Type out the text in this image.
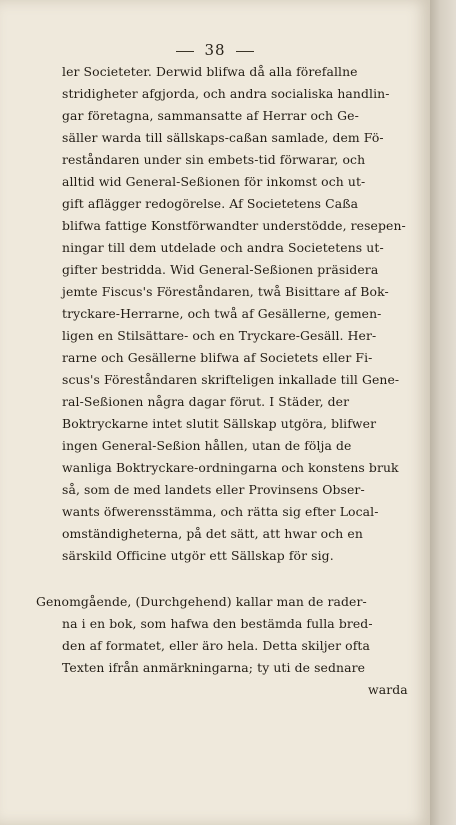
38
ler Societeter. Derwid blifwa då alla förefallne
stridigheter afgjorda, och andra socialiska handlin-
gar företagna, sammansatte af Herrar och Ge-
säller warda till sällskaps-caßan samlade, dem Fö-
reståndaren under sin embets-tid förwarar, och
alltid wid General-Seßionen för inkomst och ut-
gift aflägger redogörelse. Af Societetens Caßa
blifwa fattige Konstförwandter understödde, resepen-
ningar till dem utdelade och andra Societetens ut-
gifter bestridda. Wid General-Seßionen präsidera
jemte Fiscus's Föreståndaren, twå Bisittare af Bok-
tryckare-Herrarne, och twå af Gesällerne, gemen-
ligen en Stilsättare- och en Tryckare-Gesäll. Her-
rarne och Gesällerne blifwa af Societets eller Fi-
scus's Föreståndaren skrifteligen inkallade till Gene-
ral-Seßionen några dagar förut. I Städer, der
Boktryckarne intet slutit Sällskap utgöra, blifwer
ingen General-Seßion hållen, utan de följa de
wanliga Boktryckare-ordningarna och konstens bruk
så, som de med landets eller Provinsens Obser-
wants öfwerensstämma, och rätta sig efter Local-
omständigheterna, på det sätt, att hwar och en
särskild Officine utgör ett Sällskap för sig.
Genomgående, (Durchgehend) kallar man de rader-
na i en bok, som hafwa den bestämda fulla bred-
den af formatet, eller äro hela. Detta skiljer ofta
Texten ifrån anmärkningarna; ty uti de sednare
warda
